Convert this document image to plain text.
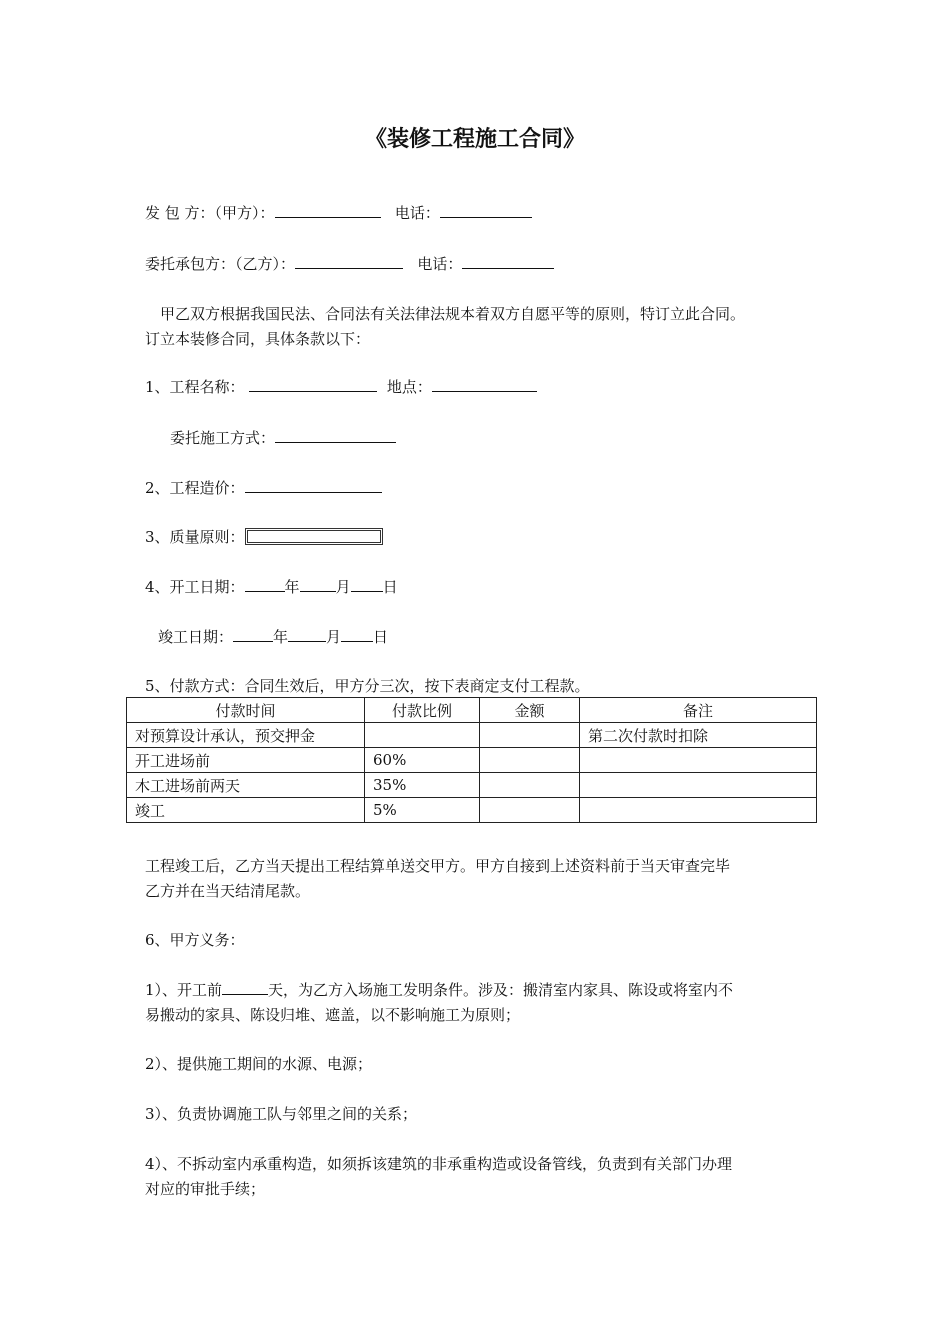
《装修工程施工合同》
发 包 方：（甲方）：	电话：
委托承包方：（乙方）：	电话：
甲乙双方根据我国民法、合同法有关法律法规本着双方自愿平等的原则，特订立此合同。
订立本装修合同，具体条款以下：
1、工程名称：	地点：
委托施工方式：
2、工程造价：
3、质量原则：
4、开工日期：	年 月 日
竣工日期：	年	月 日
5、付款方式：合同生效后，甲方分三次，按下表商定支付工程款。
付款时间	付款比例	金额	备注
对预算设计承认，预交押金			第二次付款时扣除
开工进场前	60%		
木工进场前两天	35%		
竣工	5%		
工程竣工后，乙方当天提出工程结算单送交甲方。甲方自接到上述资料前于当天审查完毕
乙方并在当天结清尾款。
6、甲方义务：
1）、开工前	天，为乙方入场施工发明条件。涉及：搬清室内家具、陈设或将室内不
易搬动的家具、陈设归堆、遮盖，以不影响施工为原则；
2）、提供施工期间的水源、电源；
3）、负责协调施工队与邻里之间的关系；
4）、不拆动室内承重构造，如须拆该建筑的非承重构造或设备管线，负责到有关部门办理
对应的审批手续；
